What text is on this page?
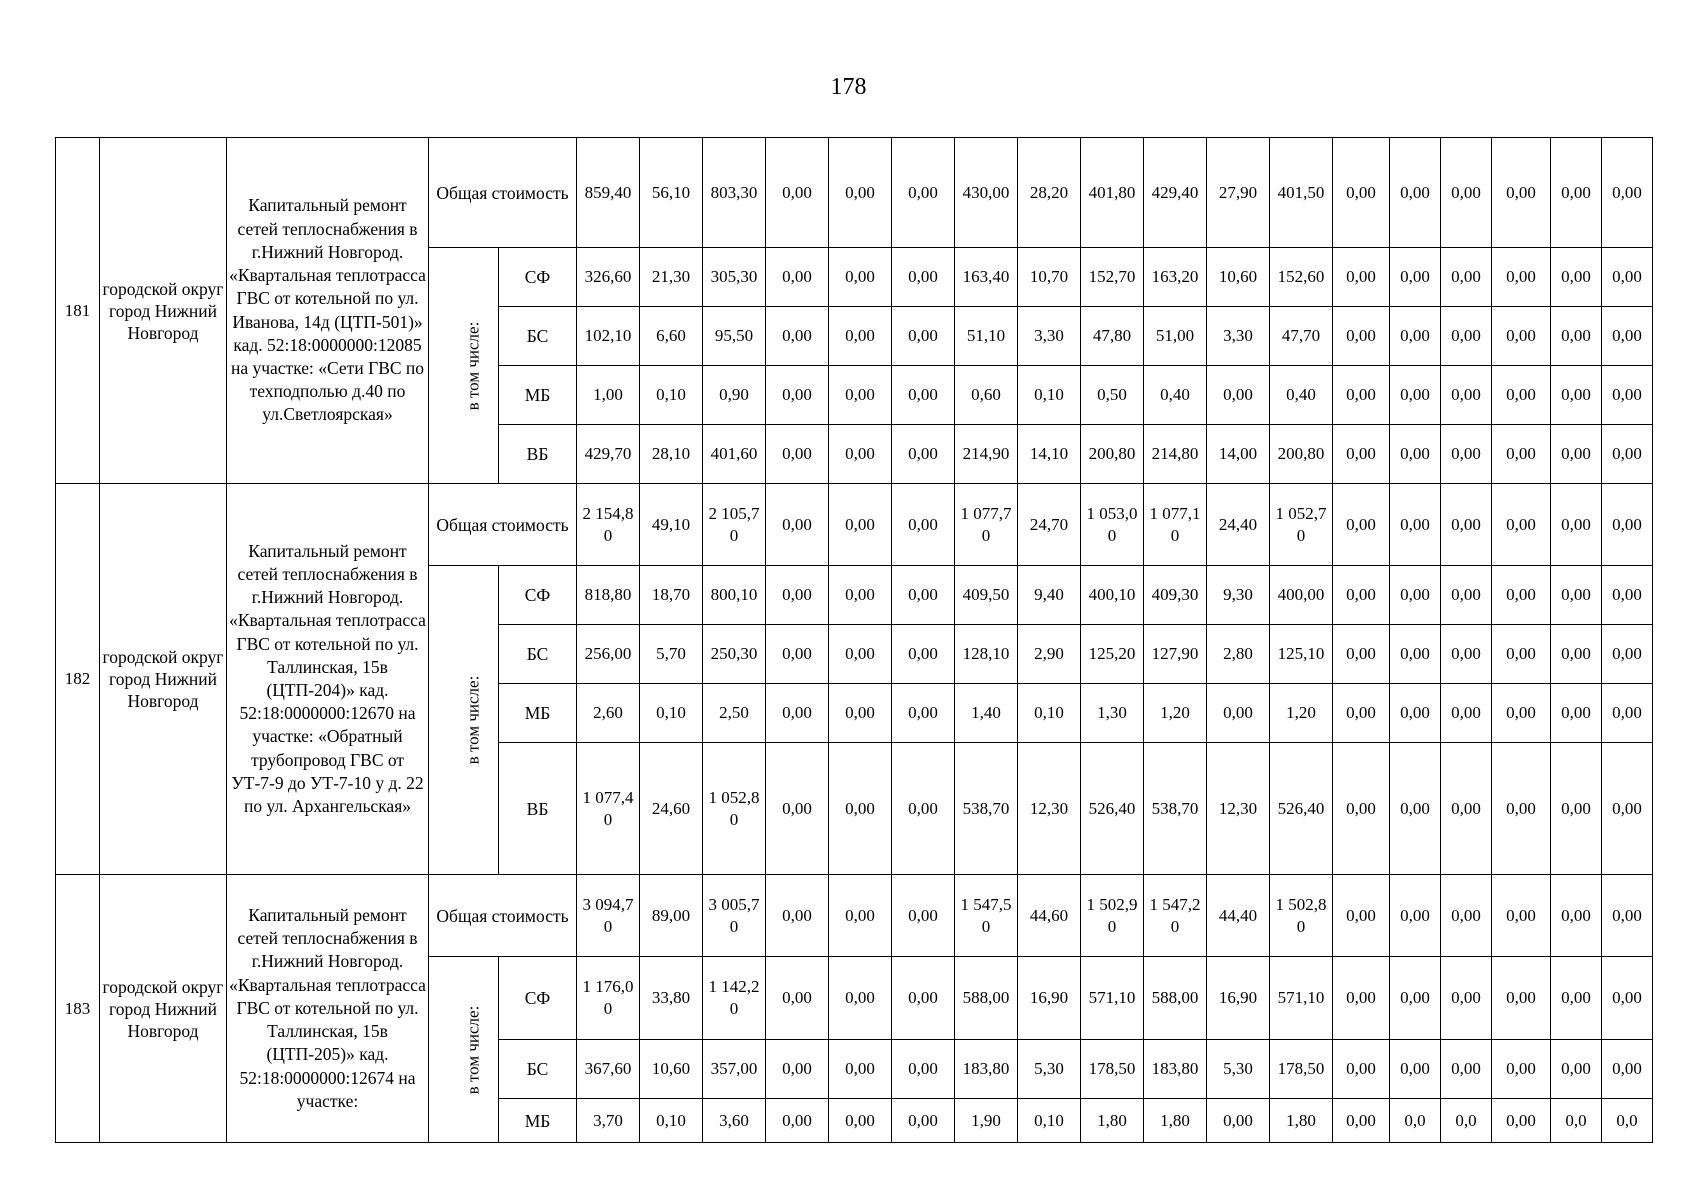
178
181	городской округ город Нижний Новгород	Капитальный ремонт сетей теплоснабжения в г.Нижний Новгород. «Квартальная теплотрасса ГВС от котельной по ул. Иванова, 14д (ЦТП-501)» кад. 52:18:0000000:12085 на участке: «Сети ГВС по техподполью д.40 по ул.Светлоярская»	Общая стоимость		859,40	56,10	803,30	0,00	0,00	0,00	430,00	28,20	401,80	429,40	27,90	401,50	0,00	0,00	0,00	0,00	0,00	0,00
			в том числе:	СФ	326,60	21,30	305,30	0,00	0,00	0,00	163,40	10,70	152,70	163,20	10,60	152,60	0,00	0,00	0,00	0,00	0,00	0,00
				БС	102,10	6,60	95,50	0,00	0,00	0,00	51,10	3,30	47,80	51,00	3,30	47,70	0,00	0,00	0,00	0,00	0,00	0,00
				МБ	1,00	0,10	0,90	0,00	0,00	0,00	0,60	0,10	0,50	0,40	0,00	0,40	0,00	0,00	0,00	0,00	0,00	0,00
				ВБ	429,70	28,10	401,60	0,00	0,00	0,00	214,90	14,10	200,80	214,80	14,00	200,80	0,00	0,00	0,00	0,00	0,00	0,00
182	городской округ город Нижний Новгород	Капитальный ремонт сетей теплоснабжения в г.Нижний Новгород. «Квартальная теплотрасса ГВС от котельной по ул. Таллинская, 15в (ЦТП-204)» кад. 52:18:0000000:12670 на участке: «Обратный трубопровод ГВС от УТ-7-9 до УТ-7-10 у д. 22 по ул. Архангельская»	Общая стоимость		2 154,80	49,10	2 105,70	0,00	0,00	0,00	1 077,70	24,70	1 053,00	1 077,10	24,40	1 052,70	0,00	0,00	0,00	0,00	0,00	0,00
			в том числе:	СФ	818,80	18,70	800,10	0,00	0,00	0,00	409,50	9,40	400,10	409,30	9,30	400,00	0,00	0,00	0,00	0,00	0,00	0,00
				БС	256,00	5,70	250,30	0,00	0,00	0,00	128,10	2,90	125,20	127,90	2,80	125,10	0,00	0,00	0,00	0,00	0,00	0,00
				МБ	2,60	0,10	2,50	0,00	0,00	0,00	1,40	0,10	1,30	1,20	0,00	1,20	0,00	0,00	0,00	0,00	0,00	0,00
				ВБ	1 077,40	24,60	1 052,80	0,00	0,00	0,00	538,70	12,30	526,40	538,70	12,30	526,40	0,00	0,00	0,00	0,00	0,00	0,00
183	городской округ город Нижний Новгород	Капитальный ремонт сетей теплоснабжения в г.Нижний Новгород. «Квартальная теплотрасса ГВС от котельной по ул. Таллинская, 15в (ЦТП-205)» кад. 52:18:0000000:12674 на участке:	Общая стоимость		3 094,70	89,00	3 005,70	0,00	0,00	0,00	1 547,50	44,60	1 502,90	1 547,20	44,40	1 502,80	0,00	0,00	0,00	0,00	0,00	0,00
			в том числе:	СФ	1 176,00	33,80	1 142,20	0,00	0,00	0,00	588,00	16,90	571,10	588,00	16,90	571,10	0,00	0,00	0,00	0,00	0,00	0,00
				БС	367,60	10,60	357,00	0,00	0,00	0,00	183,80	5,30	178,50	183,80	5,30	178,50	0,00	0,00	0,00	0,00	0,00	0,00
				МБ	3,70	0,10	3,60	0,00	0,00	0,00	1,90	0,10	1,80	1,80	0,00	1,80	0,00	0,0	0,0	0,00	0,0	0,0
